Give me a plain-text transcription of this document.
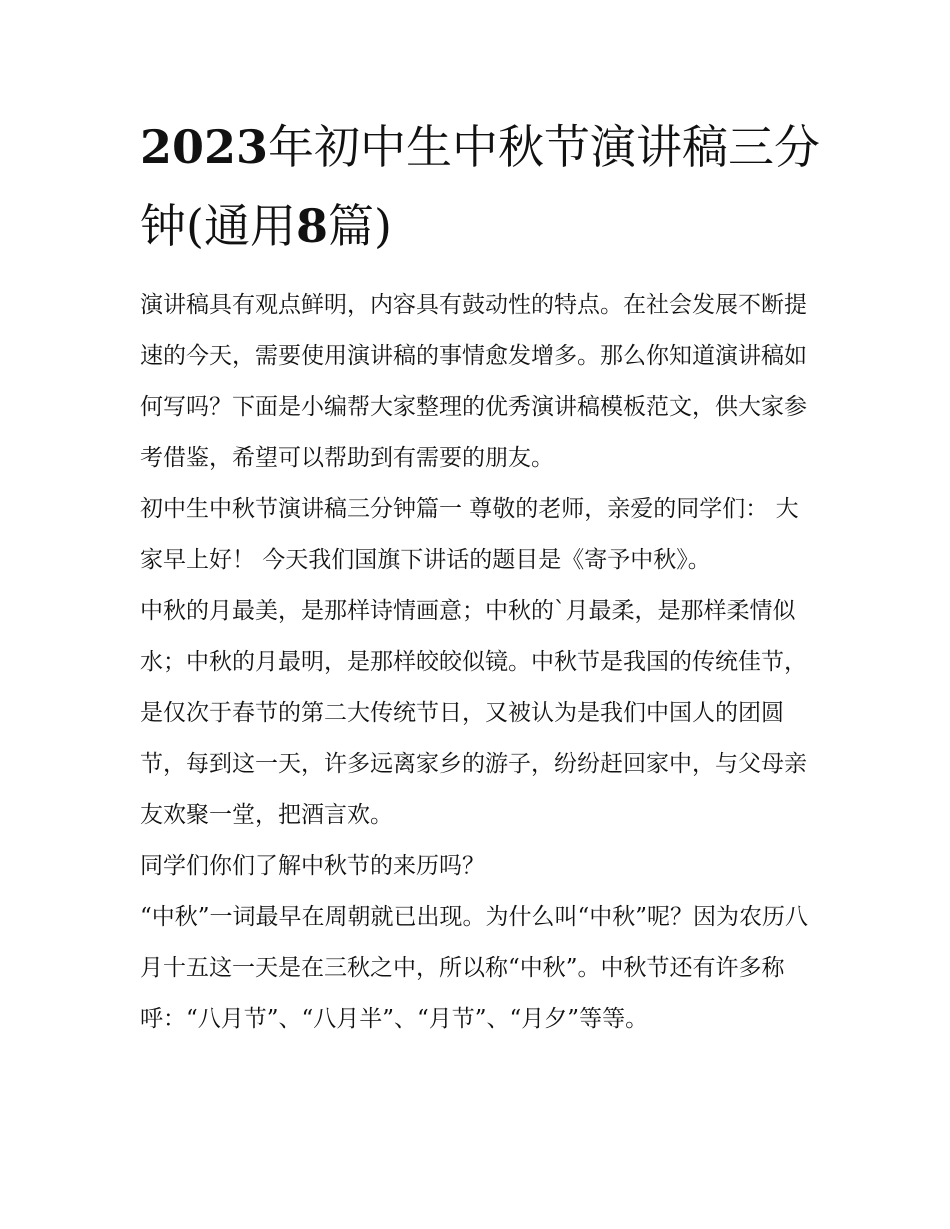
2023年初中生中秋节演讲稿三分钟(通用8篇)

演讲稿具有观点鲜明，内容具有鼓动性的特点。在社会发展不断提速的今天，需要使用演讲稿的事情愈发增多。那么你知道演讲稿如何写吗？下面是小编帮大家整理的优秀演讲稿模板范文，供大家参考借鉴，希望可以帮助到有需要的朋友。

初中生中秋节演讲稿三分钟篇一 尊敬的老师，亲爱的同学们： 大家早上好！ 今天我们国旗下讲话的题目是《寄予中秋》。

中秋的月最美，是那样诗情画意；中秋的`月最柔，是那样柔情似水；中秋的月最明，是那样皎皎似镜。中秋节是我国的传统佳节，是仅次于春节的第二大传统节日，又被认为是我们中国人的团圆节，每到这一天，许多远离家乡的游子，纷纷赶回家中，与父母亲友欢聚一堂，把酒言欢。

同学们你们了解中秋节的来历吗？

“中秋”一词最早在周朝就已出现。为什么叫“中秋”呢？因为农历八月十五这一天是在三秋之中，所以称“中秋”。中秋节还有许多称呼：“八月节”、“八月半”、“月节”、“月夕”等等。
